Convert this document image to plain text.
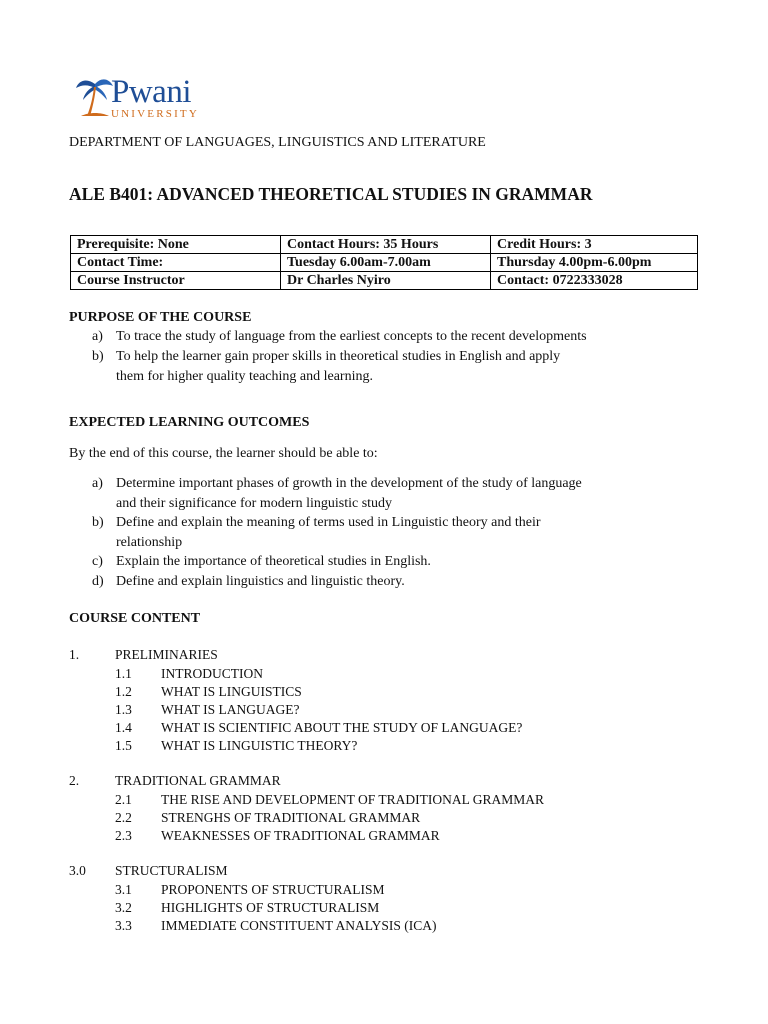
Pwani
UNIVERSITY
DEPARTMENT OF LANGUAGES, LINGUISTICS AND LITERATURE
ALE B401: ADVANCED THEORETICAL STUDIES IN GRAMMAR
Prerequisite: None	Contact Hours: 35 Hours	Credit Hours: 3
Contact Time:	Tuesday 6.00am-7.00am	Thursday 4.00pm-6.00pm
Course Instructor	Dr Charles Nyiro	Contact: 0722333028
PURPOSE OF THE COURSE
a) To trace the study of language from the earliest concepts to the recent developments
b) To help the learner gain proper skills in theoretical studies in English and apply
them for higher quality teaching and learning.
EXPECTED LEARNING OUTCOMES
By the end of this course, the learner should be able to:
a) Determine important phases of growth in the development of the study of language
and their significance for modern linguistic study
b) Define and explain the meaning of terms used in Linguistic theory and their
relationship
c) Explain the importance of theoretical studies in English.
d) Define and explain linguistics and linguistic theory.
COURSE CONTENT
1.	PRELIMINARIES
1.1 INTRODUCTION
1.2 WHAT IS LINGUISTICS
1.3 WHAT IS LANGUAGE?
1.4 WHAT IS SCIENTIFIC ABOUT THE STUDY OF LANGUAGE?
1.5 WHAT IS LINGUISTIC THEORY?
2.	TRADITIONAL GRAMMAR
2.1 THE RISE AND DEVELOPMENT OF TRADITIONAL GRAMMAR
2.2 STRENGHS OF TRADITIONAL GRAMMAR
2.3 WEAKNESSES OF TRADITIONAL GRAMMAR
3.0 STRUCTURALISM
3.1 PROPONENTS OF STRUCTURALISM
3.2 HIGHLIGHTS OF STRUCTURALISM
3.3 IMMEDIATE CONSTITUENT ANALYSIS (ICA)
